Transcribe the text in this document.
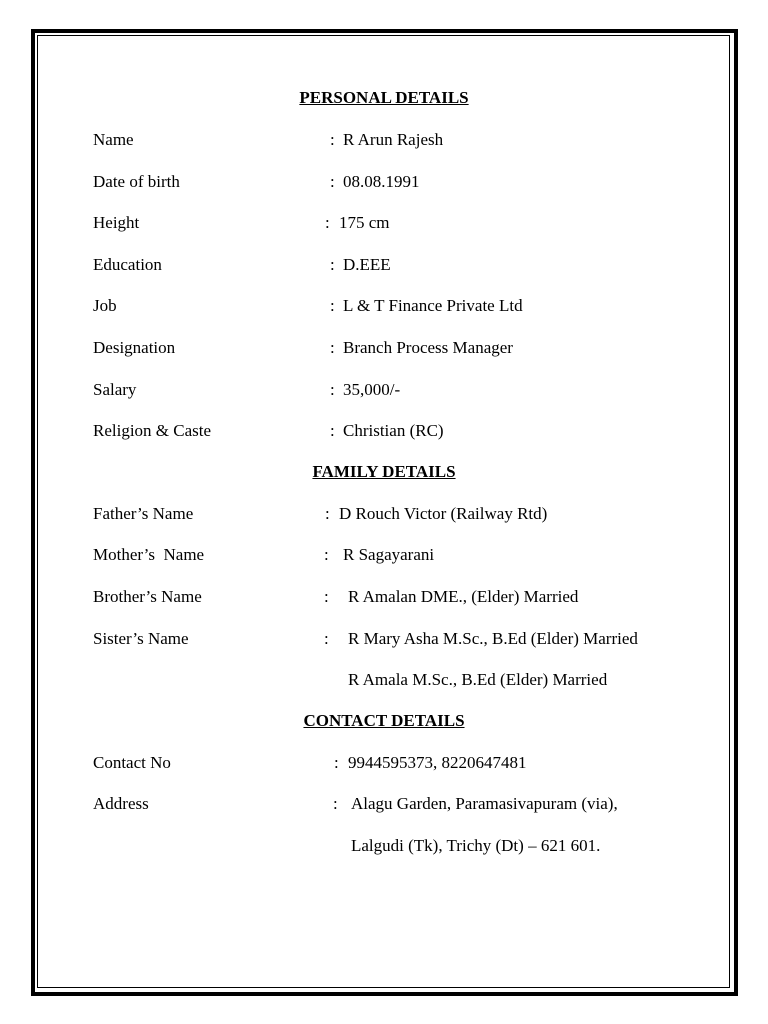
PERSONAL DETAILS
Name	: R Arun Rajesh
Date of birth	: 08.08.1991
Height	: 175 cm
Education	: D.EEE
Job	: L & T Finance Private Ltd
Designation	: Branch Process Manager
Salary	: 35,000/-
Religion & Caste	: Christian (RC)
FAMILY DETAILS
Father’s Name	: D Rouch Victor (Railway Rtd)
Mother’s  Name	: R Sagayarani
Brother’s Name	: R Amalan DME., (Elder) Married
Sister’s Name	: R Mary Asha M.Sc., B.Ed (Elder) Married
R Amala M.Sc., B.Ed (Elder) Married
CONTACT DETAILS
Contact No	: 9944595373, 8220647481
Address	: Alagu Garden, Paramasivapuram (via),
Lalgudi (Tk), Trichy (Dt) – 621 601.
